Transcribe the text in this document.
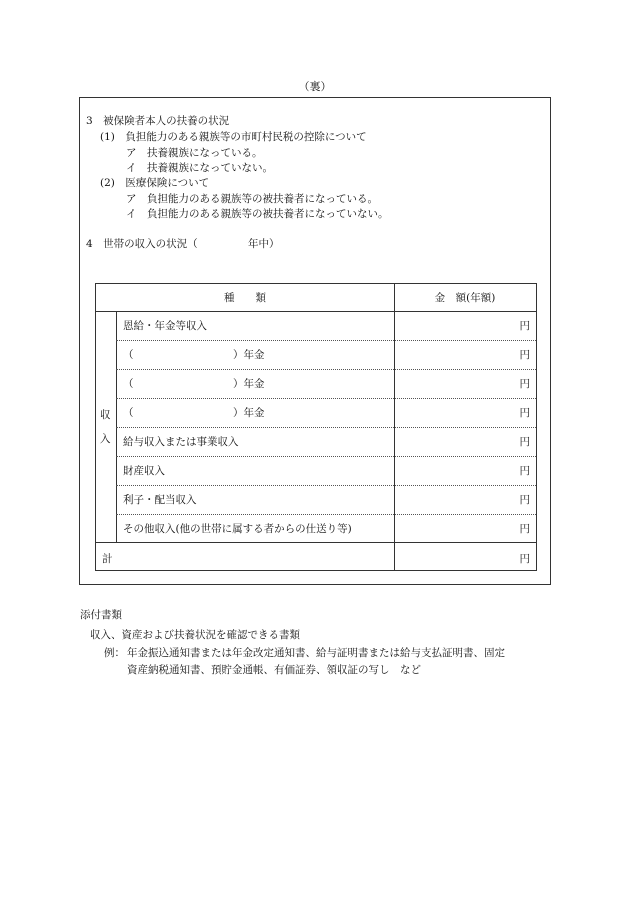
（裏）
3　被保険者本人の扶養の状況
(1)　負担能力のある親族等の市町村民税の控除について
ア　扶養親族になっている。
イ　扶養親族になっていない。
(2)　医療保険について
ア　負担能力のある親族等の被扶養者になっている。
イ　負担能力のある親族等の被扶養者になっていない。
4　世帯の収入の状況（	年中）
種　　類	金　額(年額)
収
入
恩給・年金等収入	円
（	）年金	円
（	）年金	円
（	）年金	円
給与収入または事業収入	円
財産収入	円
利子・配当収入	円
その他収入(他の世帯に属する者からの仕送り等)	円
計	円
添付書類
収入、資産および扶養状況を確認できる書類
例： 年金振込通知書または年金改定通知書、給与証明書または給与支払証明書、固定
資産納税通知書、預貯金通帳、有価証券、領収証の写し　など
